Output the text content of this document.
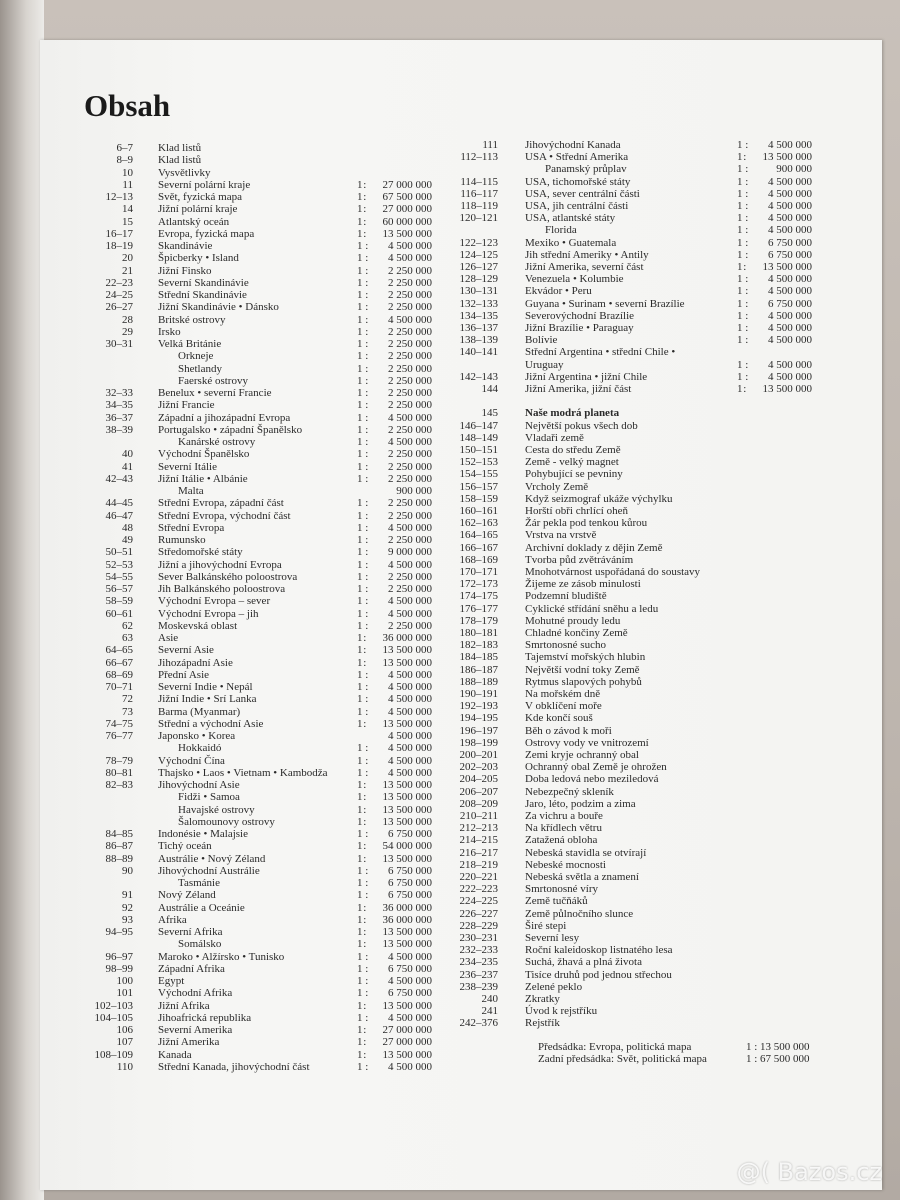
Obsah
6–7 Klad listů
8–9 Klad listů
10 Vysvětlivky
11 Severní polární kraje	1 : 27 000 000
12–13 Svět, fyzická mapa	1 : 67 500 000
14 Jižní polární kraje	1 : 27 000 000
15 Atlantský oceán	1 : 60 000 000
16–17 Evropa, fyzická mapa	1 : 13 500 000
18–19 Skandinávie	1 : 4 500 000
20 Špicberky • Island	1 : 4 500 000
21 Jižní Finsko	1 : 2 250 000
22–23 Severní Skandinávie	1 : 2 250 000
24–25 Střední Skandinávie	1 : 2 250 000
26–27 Jižní Skandinávie • Dánsko	1 : 2 250 000
28 Britské ostrovy	1 : 4 500 000
29 Irsko	1 : 2 250 000
30–31 Velká Británie	1 : 2 250 000
Orkneje	1 : 2 250 000
Shetlandy	1 : 2 250 000
Faerské ostrovy	1 : 2 250 000
32–33 Benelux • severní Francie	1 : 2 250 000
34–35 Jižní Francie	1 : 2 250 000
36–37 Západní a jihozápadní Evropa	1 : 4 500 000
38–39 Portugalsko • západní Španělsko	1 : 2 250 000
Kanárské ostrovy	1 : 4 500 000
40 Východní Španělsko	1 : 2 250 000
41 Severní Itálie	1 : 2 250 000
42–43 Jižní Itálie • Albánie	1 : 2 250 000
Malta	900 000
44–45 Střední Evropa, západní část	1 : 2 250 000
46–47 Střední Evropa, východní část	1 : 2 250 000
48 Střední Evropa	1 : 4 500 000
49 Rumunsko	1 : 2 250 000
50–51 Středomořské státy	1 : 9 000 000
52–53 Jižní a jihovýchodní Evropa	1 : 4 500 000
54–55 Sever Balkánského poloostrova	1 : 2 250 000
56–57 Jih Balkánského poloostrova	1 : 2 250 000
58–59 Východní Evropa – sever	1 : 4 500 000
60–61 Východní Evropa – jih	1 : 4 500 000
62 Moskevská oblast	1 : 2 250 000
63 Asie	1 : 36 000 000
64–65 Severní Asie	1 : 13 500 000
66–67 Jihozápadní Asie	1 : 13 500 000
68–69 Přední Asie	1 : 4 500 000
70–71 Severní Indie • Nepál	1 : 4 500 000
72 Jižní Indie • Srí Lanka	1 : 4 500 000
73 Barma (Myanmar)	1 : 4 500 000
74–75 Střední a východní Asie	1 : 13 500 000
76–77 Japonsko • Korea	4 500 000
Hokkaidó	1 : 4 500 000
78–79 Východní Čína	1 : 4 500 000
80–81 Thajsko • Laos • Vietnam • Kambodža	1 : 4 500 000
82–83 Jihovýchodní Asie	1 : 13 500 000
Fidži • Samoa	1 : 13 500 000
Havajské ostrovy	1 : 13 500 000
Šalomounovy ostrovy	1 : 13 500 000
84–85 Indonésie • Malajsie	1 : 6 750 000
86–87 Tichý oceán	1 : 54 000 000
88–89 Austrálie • Nový Zéland	1 : 13 500 000
90 Jihovýchodní Austrálie	1 : 6 750 000
Tasmánie	1 : 6 750 000
91 Nový Zéland	1 : 6 750 000
92 Austrálie a Oceánie	1 : 36 000 000
93 Afrika	1 : 36 000 000
94–95 Severní Afrika	1 : 13 500 000
Somálsko	1 : 13 500 000
96–97 Maroko • Alžírsko • Tunisko	1 : 4 500 000
98–99 Západní Afrika	1 : 6 750 000
100 Egypt	1 : 4 500 000
101 Východní Afrika	1 : 6 750 000
102–103 Jižní Afrika	1 : 13 500 000
104–105 Jihoafrická republika	1 : 4 500 000
106 Severní Amerika	1 : 27 000 000
107 Jižní Amerika	1 : 27 000 000
108–109 Kanada	1 : 13 500 000
110 Střední Kanada, jihovýchodní část	1 : 4 500 000
111 Jihovýchodní Kanada	1 : 4 500 000
112–113 USA • Střední Amerika	1 : 13 500 000
Panamský průplav	1 :	900 000
114–115 USA, tichomořské státy	1 : 4 500 000
116–117 USA, sever centrální části	1 : 4 500 000
118–119 USA, jih centrální části	1 : 4 500 000
120–121 USA, atlantské státy	1 : 4 500 000
Florida	1 : 4 500 000
122–123 Mexiko • Guatemala	1 : 6 750 000
124–125 Jih střední Ameriky • Antily	1 : 6 750 000
126–127 Jižní Amerika, severní část	1 : 13 500 000
128–129 Venezuela • Kolumbie	1 : 4 500 000
130–131 Ekvádor • Peru	1 : 4 500 000
132–133 Guyana • Surinam • severní Brazílie	1 : 6 750 000
134–135 Severovýchodní Brazílie	1 : 4 500 000
136–137 Jižní Brazílie • Paraguay	1 : 4 500 000
138–139 Bolívie	1 : 4 500 000
140–141 Střední Argentina • střední Chile •
Uruguay	1 : 4 500 000
142–143 Jižní Argentina • jižní Chile	1 : 4 500 000
144 Jižní Amerika, jižní část	1 : 13 500 000
145 Naše modrá planeta
146–147 Největší pokus všech dob
148–149 Vladaři země
150–151 Cesta do středu Země
152–153 Země - velký magnet
154–155 Pohybující se pevniny
156–157 Vrcholy Země
158–159 Když seizmograf ukáže výchylku
160–161 Horští obři chrlící oheň
162–163 Žár pekla pod tenkou kůrou
164–165 Vrstva na vrstvě
166–167 Archivní doklady z dějin Země
168–169 Tvorba půd zvětráváním
170–171 Mnohotvárnost uspořádaná do soustavy
172–173 Žijeme ze zásob minulosti
174–175 Podzemní bludiště
176–177 Cyklické střídání sněhu a ledu
178–179 Mohutné proudy ledu
180–181 Chladné končiny Země
182–183 Smrtonosné sucho
184–185 Tajemství mořských hlubin
186–187 Největší vodní toky Země
188–189 Rytmus slapových pohybů
190–191 Na mořském dně
192–193 V obklíčení moře
194–195 Kde končí souš
196–197 Běh o závod k moři
198–199 Ostrovy vody ve vnitrozemí
200–201 Zemi kryje ochranný obal
202–203 Ochranný obal Země je ohrožen
204–205 Doba ledová nebo meziledová
206–207 Nebezpečný skleník
208–209 Jaro, léto, podzim a zima
210–211 Za vichru a bouře
212–213 Na křídlech větru
214–215 Zatažená obloha
216–217 Nebeská stavidla se otvírají
218–219 Nebeské mocnosti
220–221 Nebeská světla a znamení
222–223 Smrtonosné víry
224–225 Země tučňáků
226–227 Země půlnočního slunce
228–229 Širé stepi
230–231 Severní lesy
232–233 Roční kaleidoskop listnatého lesa
234–235 Suchá, žhavá a plná života
236–237 Tisíce druhů pod jednou střechou
238–239 Zelené peklo
240 Zkratky
241 Úvod k rejstříku
242–376 Rejstřík
Předsádka: Evropa, politická mapa	1 : 13 500 000
Zadní předsádka: Svět, politická mapa	1 : 67 500 000
@( Bazos.cz
